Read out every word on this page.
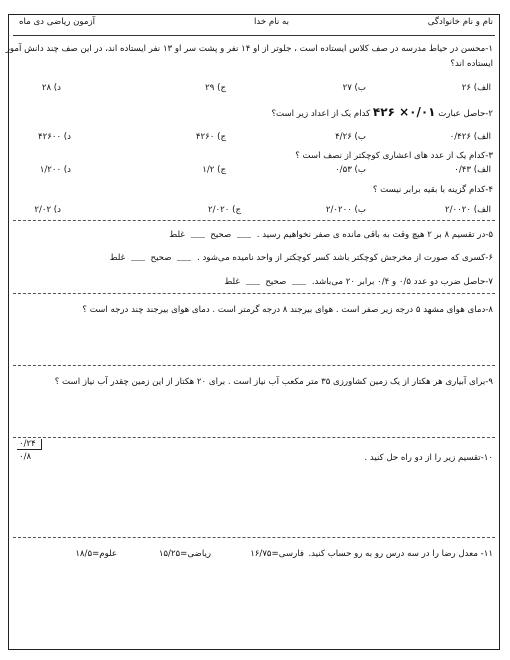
نام و نام خانوادگی
به نام خدا
آزمون ریاضی دی ماه
۱-محسن در حیاط مدرسه در صف کلاس ایستاده است ، جلوتر از او ۱۴ نفر و پشت سر او ۱۳ نفر ایستاده اند، در این صف چند دانش آموز
ایستاده اند؟
الف) ۲۶
ب) ۲۷
ج) ۲۹
د) ۲۸
۲-حاصل عبارت ۴۲۶ ×۰/۰۱ کدام یک از اعداد زیر است؟
الف) ۰/۴۲۶
ب) ۴/۲۶
ج) ۴۲۶۰
د) ۴۲۶۰۰
۳-کدام یک از عدد های اعشاری کوچکتر از نصف است ؟
الف) ۰/۴۳
ب) ۰/۵۳
ج) ۱/۲
د) ۱/۲۰۰
۴-کدام گزینه با بقیه برابر نیست ؟
الف) ۲/۰۰۲۰
ب) ۲/۰۲۰۰
ج) ۲/۰۲۰
د) ۲/۰۲
۵-در تقسیم ۸ بر ۲ هیچ وقت به باقی مانده ی صفر نخواهیم رسید .  صحیح  غلط
۶-کسری که صورت از مخرجش کوچکتر باشد کسر کوچکتر از واحد نامیده می‌شود .  صحیح  غلط
۷-حاصل ضرب دو عدد ۰/۵ و ۰/۴ برابر ۲۰ می‌باشد.  صحیح  غلط
۸-دمای هوای مشهد ۵ درجه زیر صفر است . هوای بیرجند ۸ درجه گرمتر است . دمای هوای بیرجند چند درجه است ؟
۹-برای آبیاری هر هکتار از یک زمین کشاورزی ۳۵ متر مکعب آب نیاز است . برای ۲۰ هکتار از این زمین چقدر آب نیاز است ؟
۱۰-تقسیم زیر را از دو راه حل کنید .
۰/۲۴
۰/۸
۱۱- معدل رضا را در سه درس رو به رو حساب کنید.
فارسی=۱۶/۷۵
ریاضی=۱۵/۲۵
علوم=۱۸/۵
